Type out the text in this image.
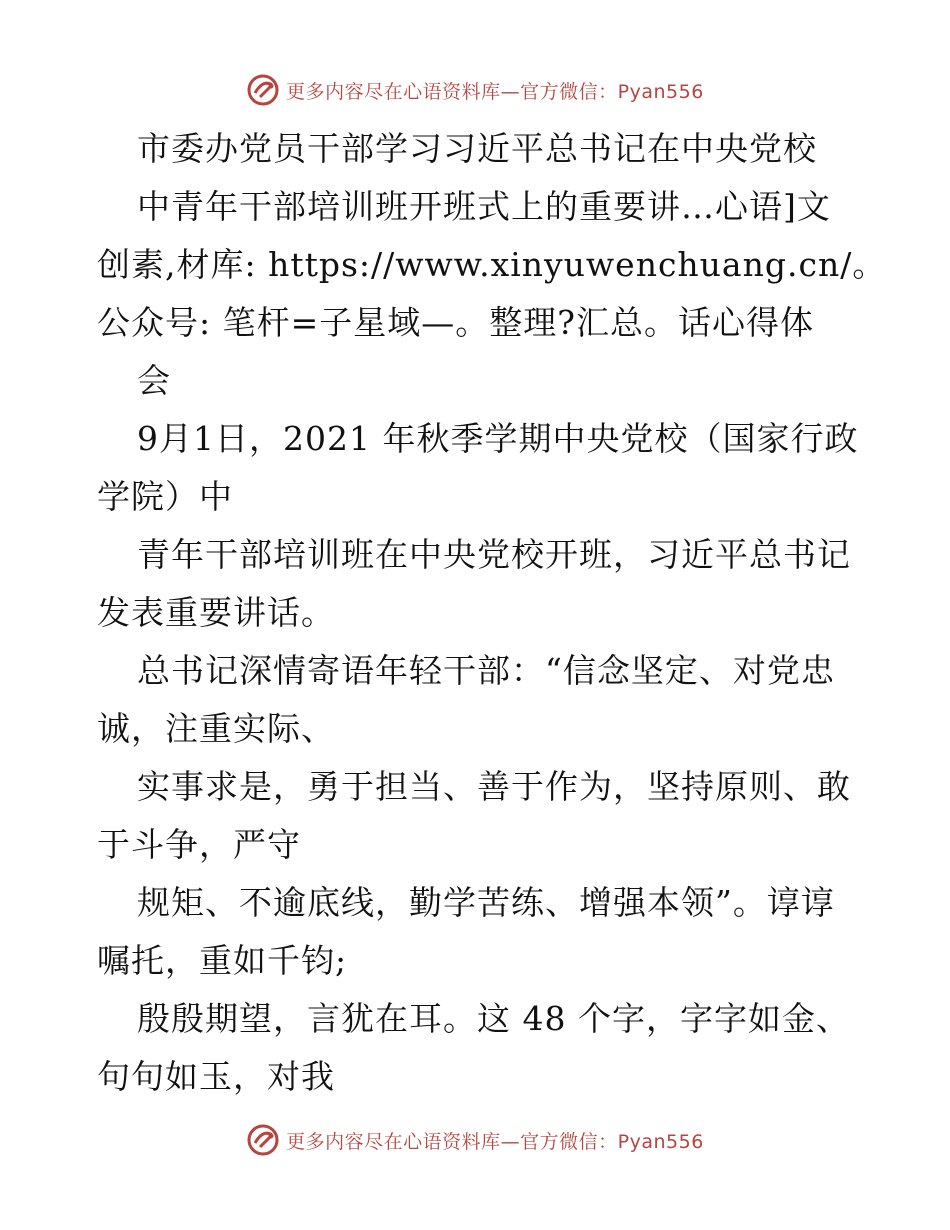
更多内容尽在心语资料库—官方微信：Pyan556
市委办党员干部学习习近平总书记在中央党校
中青年干部培训班开班式上的重要讲…心语]文
创素,材库: https://www.xinyuwenchuang.cn/。
公众号: 笔杆=子星域—。整理?汇总。话心得体
会
9月1日，2021 年秋季学期中央党校（国家行政
学院）中
青年干部培训班在中央党校开班，习近平总书记
发表重要讲话。
总书记深情寄语年轻干部：“信念坚定、对党忠
诚，注重实际、
实事求是，勇于担当、善于作为，坚持原则、敢
于斗争，严守
规矩、不逾底线，勤学苦练、增强本领”。谆谆
嘱托，重如千钧;
殷殷期望，言犹在耳。这 48 个字，字字如金、
句句如玉，对我
更多内容尽在心语资料库—官方微信：Pyan556
